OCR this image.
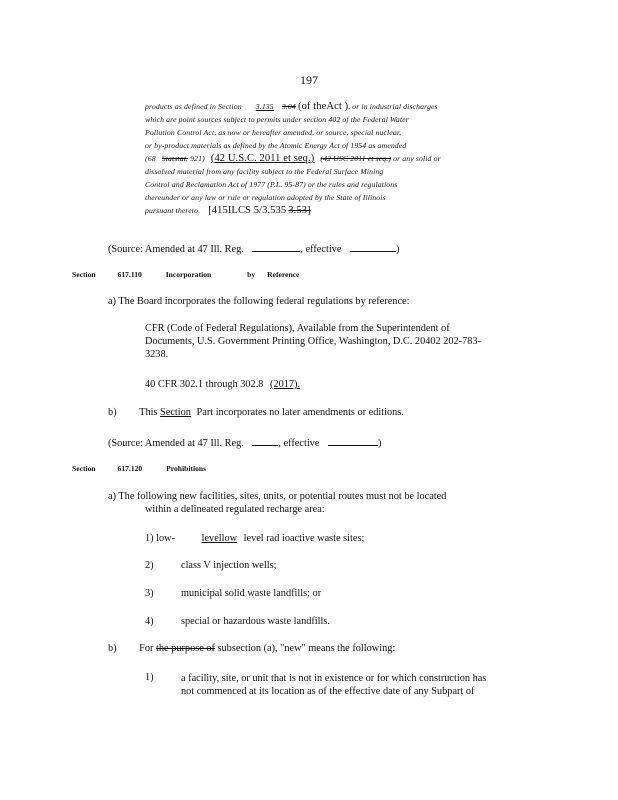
197
products as defined in Section 3.135 3.04 (of theAct ), or in industrial discharges
which are point sources subject to permits under section 402 of the Federal Water
Pollution Control Act, as now or hereafter amended, or source, special nuclear,
or by-product materials as defined by the Atomic Energy Act of 1954 as amended
(68 Statstat. 921) (42 U.S.C. 2011 et seq.) (42 USC 2011 et seq.) or any solid or
dissolved material from any facility subject to the Federal Surface Mining
Control and Reclamation Act of 1977 (P.L. 95-87) or the rules and regulations
thereunder or any law or rule or regulation adopted by the State of Illinois
pursuant thereto. [415ILCS 5/3.535 3.53]
(Source: Amended at 47 Ill. Reg.	, effective	)
Section	617.110	Incorporation	by Reference
a) The Board incorporates the following federal regulations by reference:
CFR (Code of Federal Regulations), Available from the Superintendent of
Documents, U.S. Government Printing Office, Washington, D.C. 20402 202-783-
3238.
40 CFR 302.1 through 302.8 (2017).
b) This Section Part incorporates no later amendments or editions.
(Source: Amended at 47 Ill. Reg.	, effective	)
Section	617.120	Prohibitions
a) The following new facilities, sites, units, or potential routes must not be located
within a delineated regulated recharge area:
1) low-	levellow level rad ioactive waste sites;
2)	class V injection wells;
3)	municipal solid waste landfills; or
4)	special or hazardous waste landfills.
b) For the purpose of subsection (a), "new" means the following:
1)	a facility, site, or unit that is not in existence or for which construction has
not commenced at its location as of the effective date of any Subpart of
